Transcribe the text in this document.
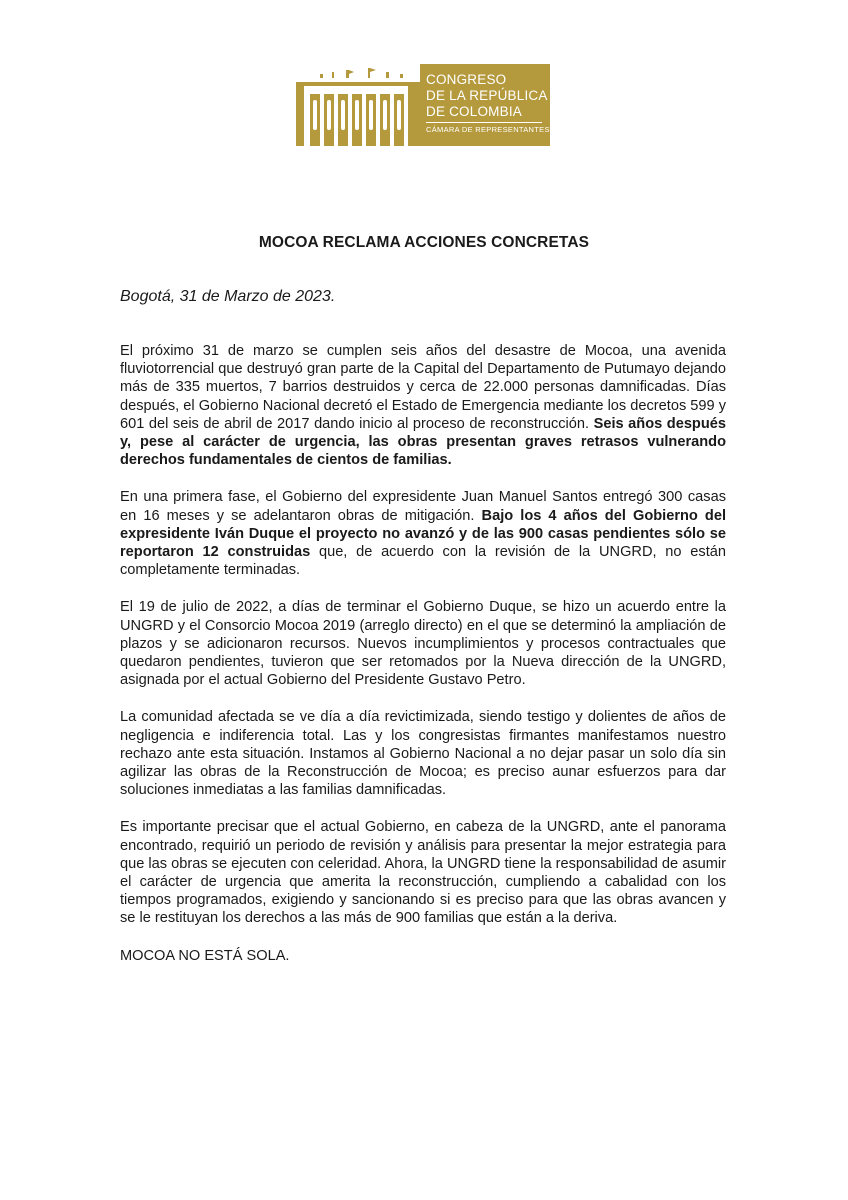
CONGRESO
DE LA REPÚBLICA
DE COLOMBIA
CÁMARA DE REPRESENTANTES
MOCOA RECLAMA ACCIONES CONCRETAS
Bogotá, 31 de Marzo de 2023.

El próximo 31 de marzo se cumplen seis años del desastre de Mocoa, una avenida fluviotorrencial que destruyó gran parte de la Capital del Departamento de Putumayo dejando más de 335 muertos, 7 barrios destruidos y cerca de 22.000 personas damnificadas. Días después, el Gobierno Nacional decretó el Estado de Emergencia mediante los decretos 599 y 601 del seis de abril de 2017 dando inicio al proceso de reconstrucción. Seis años después y, pese al carácter de urgencia, las obras presentan graves retrasos vulnerando derechos fundamentales de cientos de familias.

En una primera fase, el Gobierno del expresidente Juan Manuel Santos entregó 300 casas en 16 meses y se adelantaron obras de mitigación. Bajo los 4 años del Gobierno del expresidente Iván Duque el proyecto no avanzó y de las 900 casas pendientes sólo se reportaron 12 construidas que, de acuerdo con la revisión de la UNGRD, no están completamente terminadas.

El 19 de julio de 2022, a días de terminar el Gobierno Duque, se hizo un acuerdo entre la UNGRD y el Consorcio Mocoa 2019 (arreglo directo) en el que se determinó la ampliación de plazos y se adicionaron recursos. Nuevos incumplimientos y procesos contractuales que quedaron pendientes, tuvieron que ser retomados por la Nueva dirección de la UNGRD, asignada por el actual Gobierno del Presidente Gustavo Petro.

La comunidad afectada se ve día a día revictimizada, siendo testigo y dolientes de años de negligencia e indiferencia total. Las y los congresistas firmantes manifestamos nuestro rechazo ante esta situación. Instamos al Gobierno Nacional a no dejar pasar un solo día sin agilizar las obras de la Reconstrucción de Mocoa; es preciso aunar esfuerzos para dar soluciones inmediatas a las familias damnificadas.

Es importante precisar que el actual Gobierno, en cabeza de la UNGRD, ante el panorama encontrado, requirió un periodo de revisión y análisis para presentar la mejor estrategia para que las obras se ejecuten con celeridad. Ahora, la UNGRD tiene la responsabilidad de asumir el carácter de urgencia que amerita la reconstrucción, cumpliendo a cabalidad con los tiempos programados, exigiendo y sancionando si es preciso para que las obras avancen y se le restituyan los derechos a las más de 900 familias que están a la deriva.

MOCOA NO ESTÁ SOLA.
